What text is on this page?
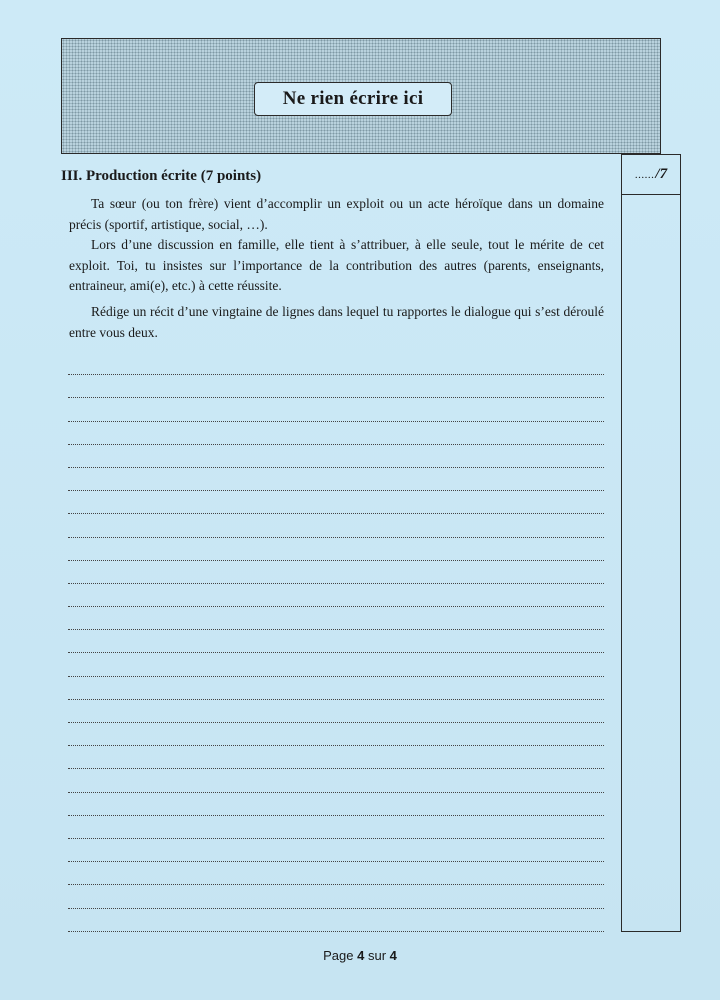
Ne rien écrire ici
III. Production écrite (7 points)

Ta sœur (ou ton frère) vient d’accomplir un exploit ou un acte héroïque dans un domaine précis (sportif, artistique, social, …).

Lors d’une discussion en famille, elle tient à s’attribuer, à elle seule, tout le mérite de cet exploit. Toi, tu insistes sur l’importance de la contribution des autres (parents, enseignants, entraineur, ami(e), etc.) à cette réussite.

Rédige un récit d’une vingtaine de lignes dans lequel tu rapportes le dialogue qui s’est déroulé entre vous deux.

...... /7
Page 4 sur 4
